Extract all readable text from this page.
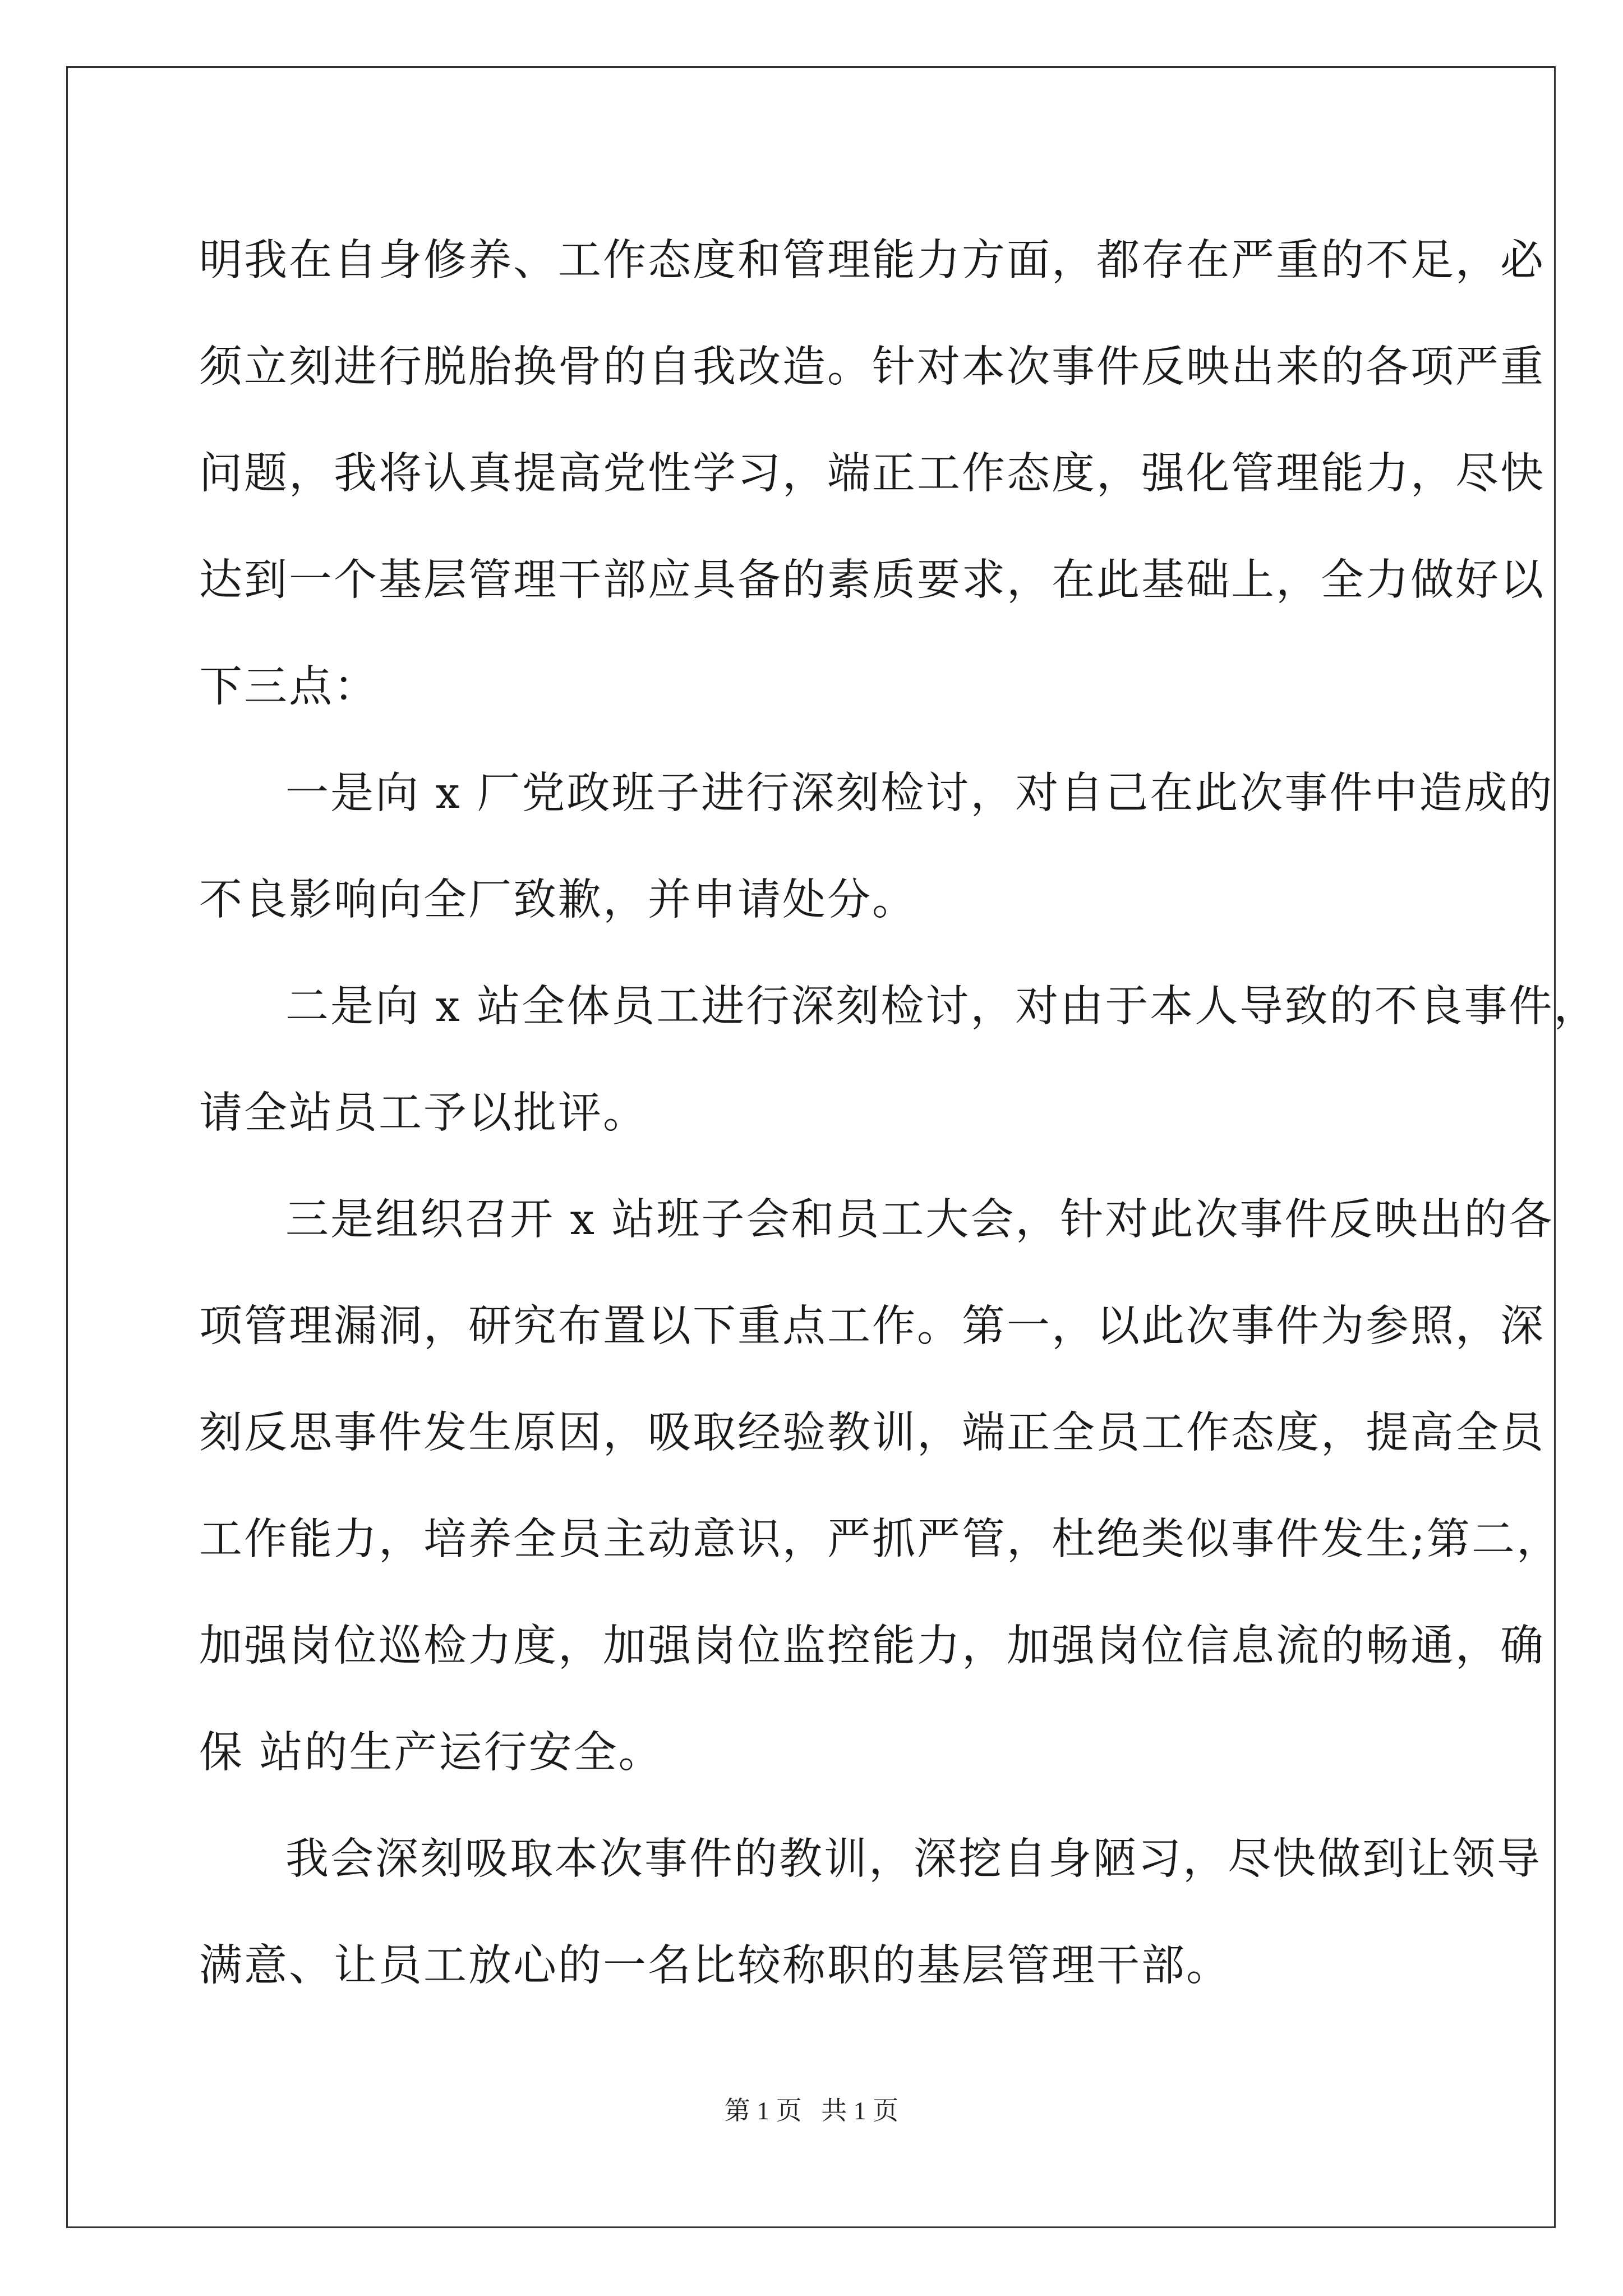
明我在自身修养、工作态度和管理能力方面，都存在严重的不足，必
须立刻进行脱胎换骨的自我改造。针对本次事件反映出来的各项严重
问题，我将认真提高党性学习，端正工作态度，强化管理能力，尽快
达到一个基层管理干部应具备的素质要求，在此基础上，全力做好以
下三点：
一是向 x 厂党政班子进行深刻检讨，对自己在此次事件中造成的
不良影响向全厂致歉，并申请处分。
二是向 x 站全体员工进行深刻检讨，对由于本人导致的不良事件，
请全站员工予以批评。
三是组织召开 x 站班子会和员工大会，针对此次事件反映出的各
项管理漏洞，研究布置以下重点工作。第一，以此次事件为参照，深
刻反思事件发生原因，吸取经验教训，端正全员工作态度，提高全员
工作能力，培养全员主动意识，严抓严管，杜绝类似事件发生;第二，
加强岗位巡检力度，加强岗位监控能力，加强岗位信息流的畅通，确
保 站的生产运行安全。
我会深刻吸取本次事件的教训，深挖自身陋习，尽快做到让领导
满意、让员工放心的一名比较称职的基层管理干部。
第 1 页   共 1 页
